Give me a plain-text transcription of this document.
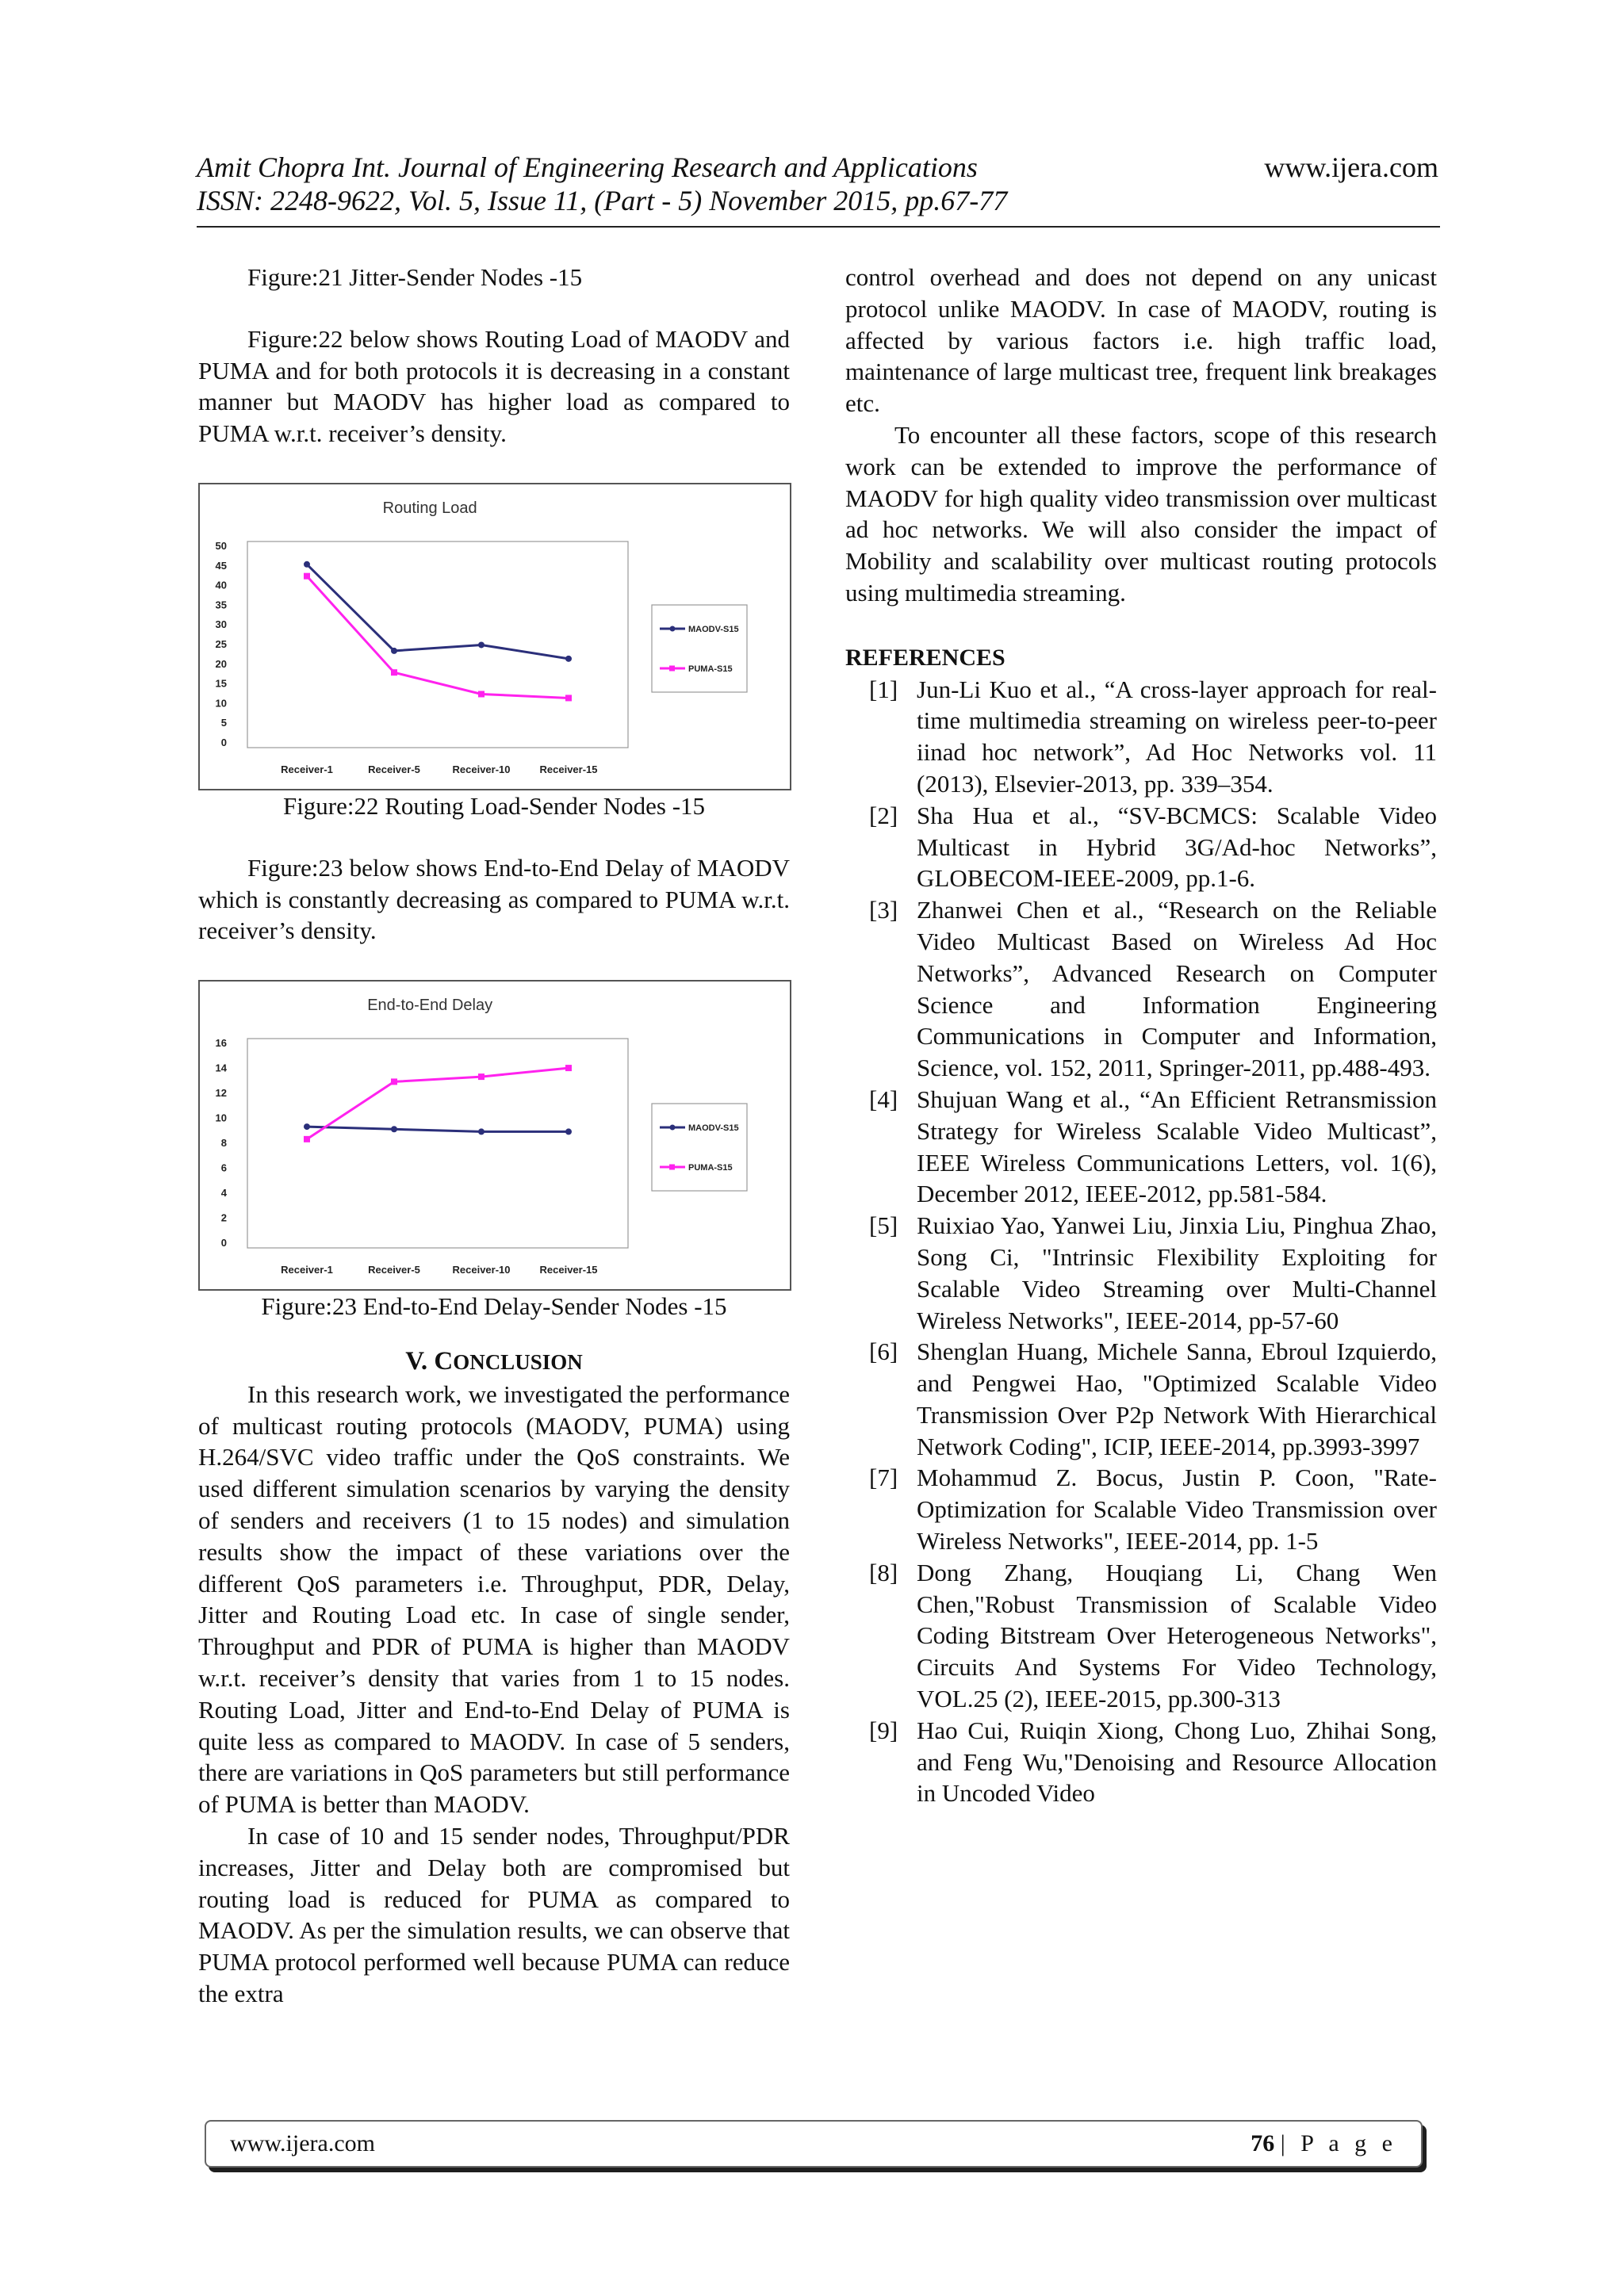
Amit Chopra Int. Journal of Engineering Research and Applications	www.ijera.com
ISSN: 2248-9622, Vol. 5, Issue 11, (Part - 5) November 2015, pp.67-77

Figure:21 Jitter-Sender Nodes -15

Figure:22 below shows Routing Load of MAODV and PUMA and for both protocols it is decreasing in a constant manner but MAODV has higher load as compared to PUMA w.r.t. receiver’s density.

Routing Load
0
5
10
15
20
25
30
35
40
45
50
Receiver-1	Receiver-5	Receiver-10	Receiver-15
MAODV-S15
PUMA-S15

Figure:22 Routing Load-Sender Nodes -15

Figure:23 below shows End-to-End Delay of MAODV which is constantly decreasing as compared to PUMA w.r.t. receiver’s density.

End-to-End Delay
0
2
4
6
8
10
12
14
16
Receiver-1	Receiver-5	Receiver-10	Receiver-15
MAODV-S15
PUMA-S15

Figure:23 End-to-End Delay-Sender Nodes -15

V. CONCLUSION

In this research work, we investigated the performance of multicast routing protocols (MAODV, PUMA) using H.264/SVC video traffic under the QoS constraints. We used different simulation scenarios by varying the density of senders and receivers (1 to 15 nodes) and simulation results show the impact of these variations over the different QoS parameters i.e. Throughput, PDR, Delay, Jitter and Routing Load etc. In case of single sender, Throughput and PDR of PUMA is higher than MAODV w.r.t. receiver’s density that varies from 1 to 15 nodes. Routing Load, Jitter and End-to-End Delay of PUMA is quite less as compared to MAODV. In case of 5 senders, there are variations in QoS parameters but still performance of PUMA is better than MAODV.

In case of 10 and 15 sender nodes, Throughput/PDR increases, Jitter and Delay both are compromised but routing load is reduced for PUMA as compared to MAODV. As per the simulation results, we can observe that PUMA protocol performed well because PUMA can reduce the extra

control overhead and does not depend on any unicast protocol unlike MAODV. In case of MAODV, routing is affected by various factors i.e. high traffic load, maintenance of large multicast tree, frequent link breakages etc.

To encounter all these factors, scope of this research work can be extended to improve the performance of MAODV for high quality video transmission over multicast ad hoc networks. We will also consider the impact of Mobility and scalability over multicast routing protocols using multimedia streaming.

REFERENCES

[1] Jun-Li Kuo et al., “A cross-layer approach for real-time multimedia streaming on wireless peer-to-peer iinad hoc network”, Ad Hoc Networks vol. 11 (2013), Elsevier-2013, pp. 339–354.
[2] Sha Hua et al., “SV-BCMCS: Scalable Video Multicast in Hybrid 3G/Ad-hoc Networks”, GLOBECOM-IEEE-2009, pp.1-6.
[3] Zhanwei Chen et al., “Research on the Reliable Video Multicast Based on Wireless Ad Hoc Networks”, Advanced Research on Computer Science and Information Engineering Communications in Computer and Information, Science, vol. 152, 2011, Springer-2011, pp.488-493.
[4] Shujuan Wang et al., “An Efficient Retransmission Strategy for Wireless Scalable Video Multicast”, IEEE Wireless Communications Letters, vol. 1(6), December 2012, IEEE-2012, pp.581-584.
[5] Ruixiao Yao, Yanwei Liu, Jinxia Liu, Pinghua Zhao, Song Ci, "Intrinsic Flexibility Exploiting for Scalable Video Streaming over Multi-Channel Wireless Networks", IEEE-2014, pp-57-60
[6] Shenglan Huang, Michele Sanna, Ebroul Izquierdo, and Pengwei Hao, "Optimized Scalable Video Transmission Over P2p Network With Hierarchical Network Coding", ICIP, IEEE-2014, pp.3993-3997
[7] Mohammud Z. Bocus, Justin P. Coon, "Rate-Optimization for Scalable Video Transmission over Wireless Networks", IEEE-2014, pp. 1-5
[8] Dong Zhang, Houqiang Li, Chang Wen Chen,"Robust Transmission of Scalable Video Coding Bitstream Over Heterogeneous Networks", Circuits And Systems For Video Technology, VOL.25 (2), IEEE-2015, pp.300-313
[9] Hao Cui, Ruiqin Xiong, Chong Luo, Zhihai Song, and Feng Wu,"Denoising and Resource Allocation in Uncoded Video
www.ijera.com	76 | P a g e
